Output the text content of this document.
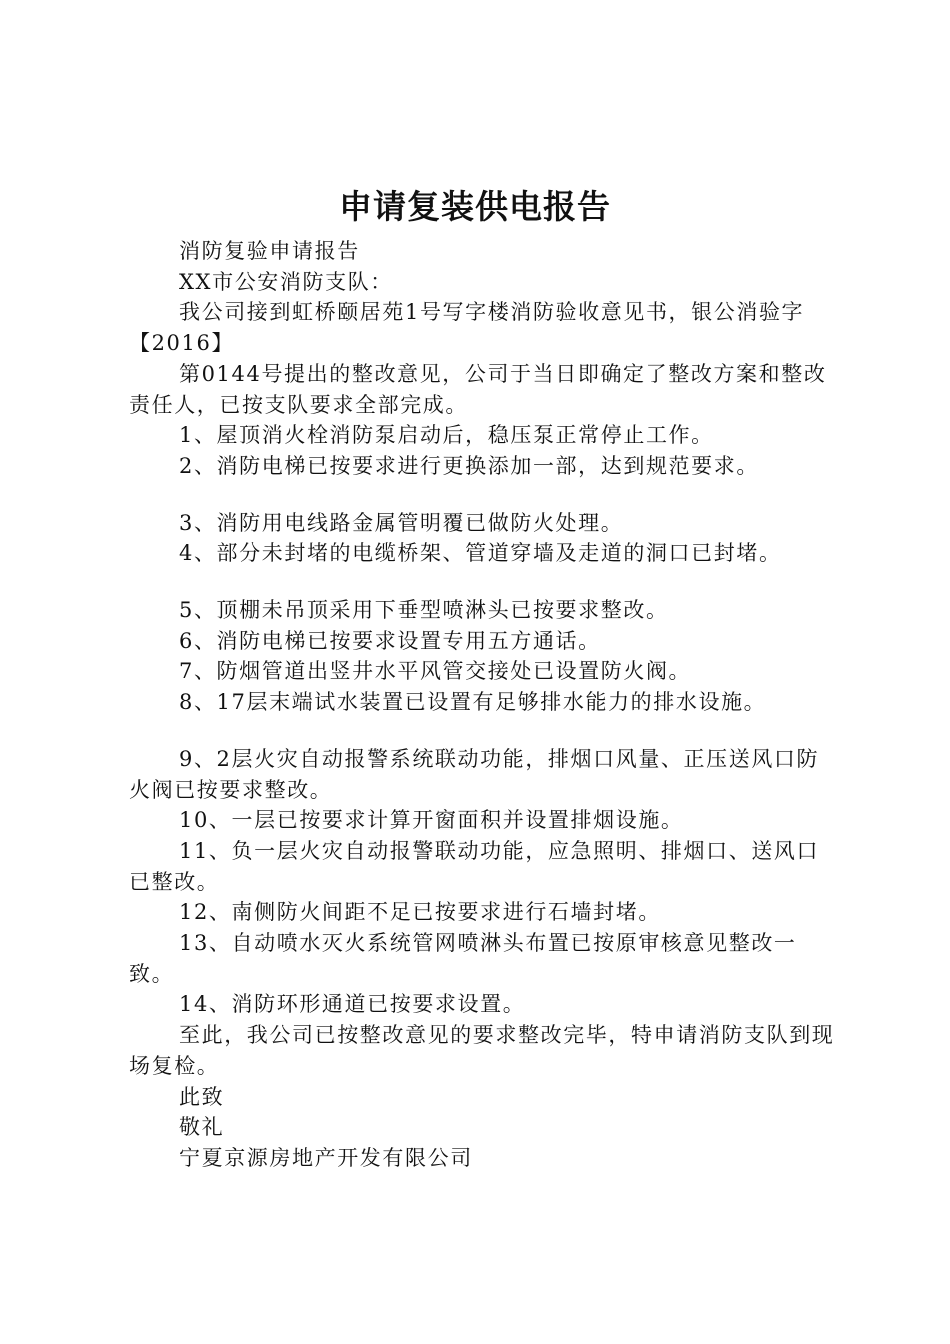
申请复装供电报告

消防复验申请报告

XX市公安消防支队：

我公司接到虹桥颐居苑1号写字楼消防验收意见书，银公消验字【2016】

第0144号提出的整改意见，公司于当日即确定了整改方案和整改责任人，已按支队要求全部完成。

1、屋顶消火栓消防泵启动后，稳压泵正常停止工作。

2、消防电梯已按要求进行更换添加一部，达到规范要求。

3、消防用电线路金属管明覆已做防火处理。

4、部分未封堵的电缆桥架、管道穿墙及走道的洞口已封堵。

5、顶棚未吊顶采用下垂型喷淋头已按要求整改。

6、消防电梯已按要求设置专用五方通话。

7、防烟管道出竖井水平风管交接处已设置防火阀。

8、17层末端试水装置已设置有足够排水能力的排水设施。

9、2层火灾自动报警系统联动功能，排烟口风量、正压送风口防火阀已按要求整改。

10、一层已按要求计算开窗面积并设置排烟设施。

11、负一层火灾自动报警联动功能，应急照明、排烟口、送风口已整改。

12、南侧防火间距不足已按要求进行石墙封堵。

13、自动喷水灭火系统管网喷淋头布置已按原审核意见整改一致。

14、消防环形通道已按要求设置。

至此，我公司已按整改意见的要求整改完毕，特申请消防支队到现场复检。

此致

敬礼

宁夏京源房地产开发有限公司
